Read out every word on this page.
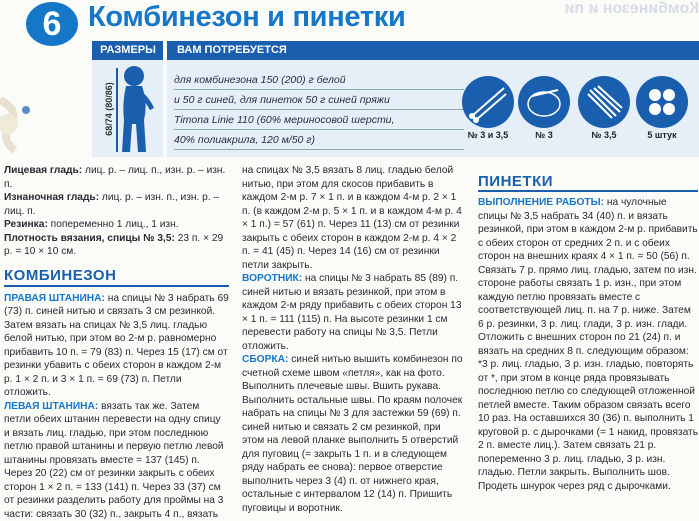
6 Комбинезон и пинетки	Комбинезон и пи
РАЗМЕРЫ ВАМ ПОТРЕБУЕТСЯ
68/74 (80/86)
для комбинезона 150 (200) г белой
и 50 г синей, для пинеток 50 г синей пряжи
Timona Linie 110 (60% мериносовой шерсти,
40% полиакрила, 120 м/50 г)	№ 3 и 3,5	№ 3	№ 3,5	5 штук

Лицевая гладь: лиц. р. – лиц. п., изн. р. – изн. п.

Изнаночная гладь: лиц. р. – изн. п., изн. р. – лиц. п.

Резинка: попеременно 1 лиц., 1 изн.

Плотность вязания, спицы № 3,5: 23 п. × 29 р. = 10 × 10 см.

КОМБИНЕЗОН

ПРАВАЯ ШТАНИНА: на спицы № 3 набрать 69 (73) п. синей нитью и связать 3 см резинкой. Затем вязать на спицах № 3,5 лиц. гладью белой нитью, при этом во 2-м р. равномерно прибавить 10 п. = 79 (83) п. Через 15 (17) см от резинки убавить с обеих сторон в каждом 2-м р. 1 × 2 п. и 3 × 1 п. = 69 (73) п. Петли отложить.

ЛЕВАЯ ШТАНИНА: вязать так же. Затем петли обеих штанин перевести на одну спицу и вязать лиц. гладью, при этом последнюю петлю правой штанины и первую петлю левой штанины провязать вместе = 137 (145) п. Через 20 (22) см от резинки закрыть с обеих сторон 1 × 2 п. = 133 (141) п. Через 33 (37) см от резинки разделить работу для проймы на 3 части: связать 30 (32) п., закрыть 4 п., вязать

на спицах № 3,5 вязать 8 лиц. гладью белой нитью, при этом для скосов прибавить в каждом 2-м р. 7 × 1 п. и в каждом 4-м р. 2 × 1 п. (в каждом 2-м р. 5 × 1 п. и в каждом 4-м р. 4 × 1 п.) = 57 (61) п. Через 11 (13) см от резинки закрыть с обеих сторон в каждом 2-м р. 4 × 2 п. = 41 (45) п. Через 14 (16) см от резинки петли закрыть.

ВОРОТНИК: на спицы № 3 набрать 85 (89) п. синей нитью и вязать резинкой, при этом в каждом 2-м ряду прибавить с обеих сторон 13 × 1 п. = 111 (115) п. На высоте резинки 1 см перевести работу на спицы № 3,5. Петли отложить.

СБОРКА: синей нитью вышить комбинезон по счетной схеме швом «петля», как на фото. Выполнить плечевые швы. Вшить рукава. Выполнить остальные швы. По краям полочек набрать на спицы № 3 для застежки 59 (69) п. синей нитью и связать 2 см резинкой, при этом на левой планке выполнить 5 отверстий для пуговиц (= закрыть 1 п. и в следующем ряду набрать ее снова): первое отверстие выполнить через 3 (4) п. от нижнего края, остальные с интервалом 12 (14) п. Пришить пуговицы и воротник.

ПИНЕТКИ

ВЫПОЛНЕНИЕ РАБОТЫ: на чулочные спицы № 3,5 набрать 34 (40) п. и вязать резинкой, при этом в каждом 2-м р. прибавить с обеих сторон от средних 2 п. и с обеих сторон на внешних краях 4 × 1 п. = 50 (56) п. Связать 7 р. прямо лиц. гладью, затем по изн. стороне работы связать 1 р. изн., при этом каждую петлю провязать вместе с соответствующей лиц. п. на 7 р. ниже. Затем 6 р. резинки, 3 р. лиц. глади, 3 р. изн. глади. Отложить с внешних сторон по 21 (24) п. и вязать на средних 8 п. следующим образом: *3 р. лиц. гладью, 3 р. изн. гладью, повторять от *, при этом в конце ряда провязывать последнюю петлю со следующей отложенной петлей вместе. Таким образом связать всего 10 раз. На оставшихся 30 (36) п. выполнить 1 круговой р. с дырочками (= 1 накид, провязать 2 п. вместе лиц.). Затем связать 21 р. попеременно 3 р. лиц. гладью, 3 р. изн. гладью. Петли закрыть. Выполнить шов. Продеть шнурок через ряд с дырочками.
